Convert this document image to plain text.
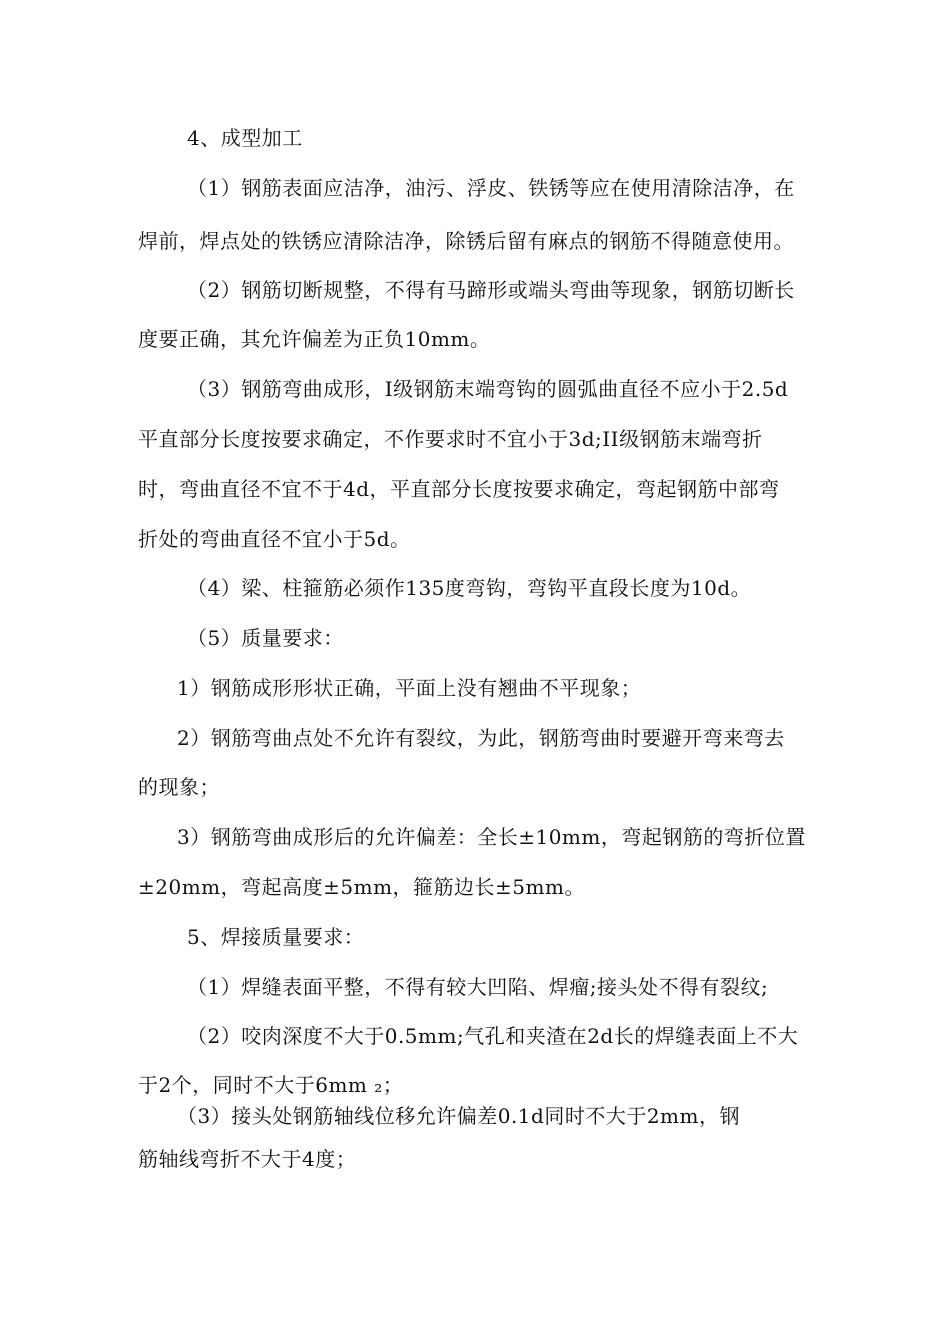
4、成型加工
（1）钢筋表面应洁净，油污、浮皮、铁锈等应在使用清除洁净，在
焊前，焊点处的铁锈应清除洁净，除锈后留有麻点的钢筋不得随意使用。
（2）钢筋切断规整，不得有马蹄形或端头弯曲等现象，钢筋切断长
度要正确，其允许偏差为正负10mm。
（3）钢筋弯曲成形，I级钢筋末端弯钩的圆弧曲直径不应小于2.5d
平直部分长度按要求确定，不作要求时不宜小于3d;II级钢筋末端弯折
时，弯曲直径不宜不于4d，平直部分长度按要求确定，弯起钢筋中部弯
折处的弯曲直径不宜小于5d。
（4）梁、柱箍筋必须作135度弯钩，弯钩平直段长度为10d。
（5）质量要求：
1）钢筋成形形状正确，平面上没有翘曲不平现象；
2）钢筋弯曲点处不允许有裂纹，为此，钢筋弯曲时要避开弯来弯去
的现象；
3）钢筋弯曲成形后的允许偏差：全长±10mm，弯起钢筋的弯折位置
±20mm，弯起高度±5mm，箍筋边长±5mm。
5、焊接质量要求：
（1）焊缝表面平整，不得有较大凹陷、焊瘤;接头处不得有裂纹;
（2）咬肉深度不大于0.5mm;气孔和夹渣在2d长的焊缝表面上不大
于2个，同时不大于6mm ₂；
（3）接头处钢筋轴线位移允许偏差0.1d同时不大于2mm，钢
筋轴线弯折不大于4度；
